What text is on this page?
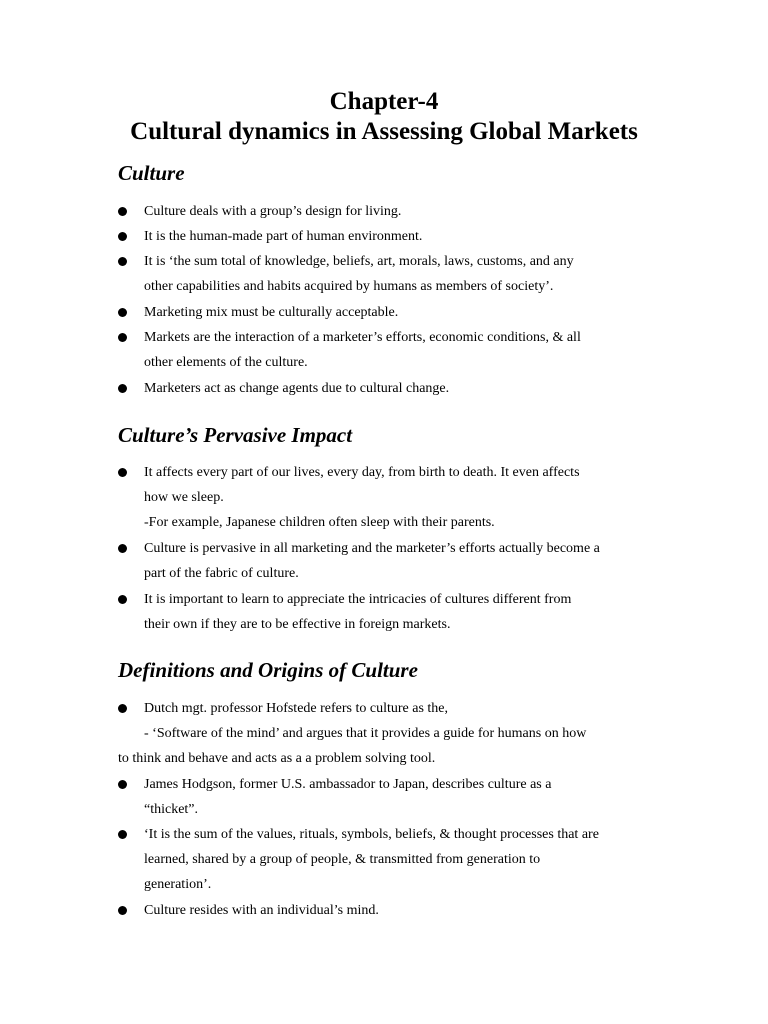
Chapter-4
Cultural dynamics in Assessing Global Markets
Culture
Culture deals with a group’s design for living.
It is the human-made part of human environment.
It is ‘the sum total of knowledge, beliefs, art, morals, laws, customs, and any
other capabilities and habits acquired by humans as members of society’.
Marketing mix must be culturally acceptable.
Markets are the interaction of a marketer’s efforts, economic conditions, & all
other elements of the culture.
Marketers act as change agents due to cultural change.
Culture’s Pervasive Impact
It affects every part of our lives, every day, from birth to death. It even affects
how we sleep.
-For example, Japanese children often sleep with their parents.
Culture is pervasive in all marketing and the marketer’s efforts actually become a
part of the fabric of culture.
It is important to learn to appreciate the intricacies of cultures different from
their own if they are to be effective in foreign markets.
Definitions and Origins of Culture
Dutch mgt. professor Hofstede refers to culture as the,
- ‘Software of the mind’ and argues that it provides a guide for humans on how
to think and behave and acts as a a problem solving tool.
James Hodgson, former U.S. ambassador to Japan, describes culture as a
“thicket”.
‘It is the sum of the values, rituals, symbols, beliefs, & thought processes that are
learned, shared by a group of people, & transmitted from generation to
generation’.
Culture resides with an individual’s mind.
